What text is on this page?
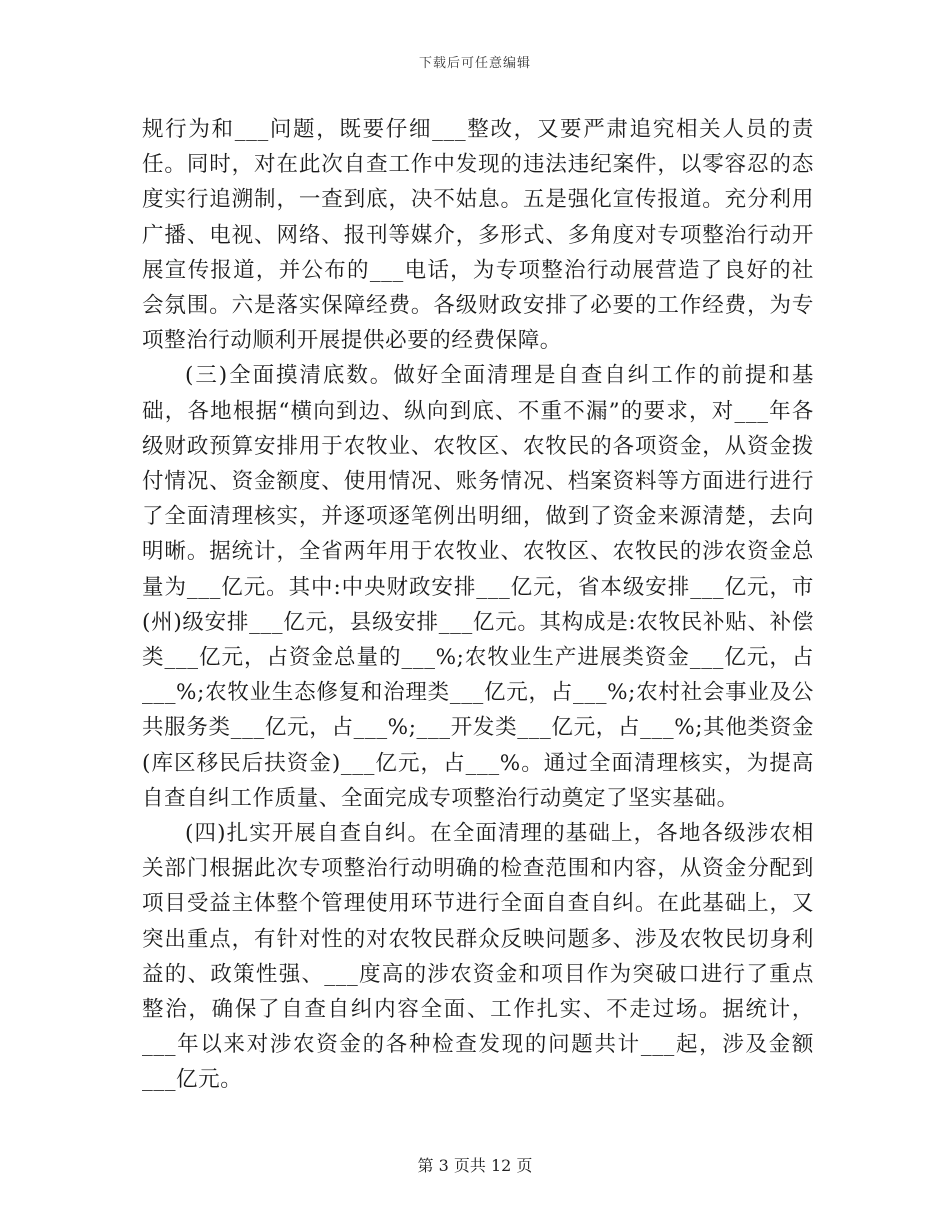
下载后可任意编辑

规行为和___问题，既要仔细___整改，又要严肃追究相关人员的责任。同时，对在此次自查工作中发现的违法违纪案件，以零容忍的态度实行追溯制，一查到底，决不姑息。五是强化宣传报道。充分利用广播、电视、网络、报刊等媒介，多形式、多角度对专项整治行动开展宣传报道，并公布的___电话，为专项整治行动展营造了良好的社会氛围。六是落实保障经费。各级财政安排了必要的工作经费，为专项整治行动顺利开展提供必要的经费保障。

(三)全面摸清底数。做好全面清理是自查自纠工作的前提和基础，各地根据“横向到边、纵向到底、不重不漏”的要求，对___年各级财政预算安排用于农牧业、农牧区、农牧民的各项资金，从资金拨付情况、资金额度、使用情况、账务情况、档案资料等方面进行进行了全面清理核实，并逐项逐笔例出明细，做到了资金来源清楚，去向明晰。据统计，全省两年用于农牧业、农牧区、农牧民的涉农资金总量为___亿元。其中:中央财政安排___亿元，省本级安排___亿元，市(州)级安排___亿元，县级安排___亿元。其构成是:农牧民补贴、补偿类___亿元，占资金总量的___%;农牧业生产进展类资金___亿元，占___%;农牧业生态修复和治理类___亿元，占___%;农村社会事业及公共服务类___亿元，占___%;___开发类___亿元，占___%;其他类资金(库区移民后扶资金)___亿元，占___%。通过全面清理核实，为提高自查自纠工作质量、全面完成专项整治行动奠定了坚实基础。

(四)扎实开展自查自纠。在全面清理的基础上，各地各级涉农相关部门根据此次专项整治行动明确的检查范围和内容，从资金分配到项目受益主体整个管理使用环节进行全面自查自纠。在此基础上，又突出重点，有针对性的对农牧民群众反映问题多、涉及农牧民切身利益的、政策性强、___度高的涉农资金和项目作为突破口进行了重点整治，确保了自查自纠内容全面、工作扎实、不走过场。据统计，___年以来对涉农资金的各种检查发现的问题共计___起，涉及金额___亿元。

第 3 页共 12 页
